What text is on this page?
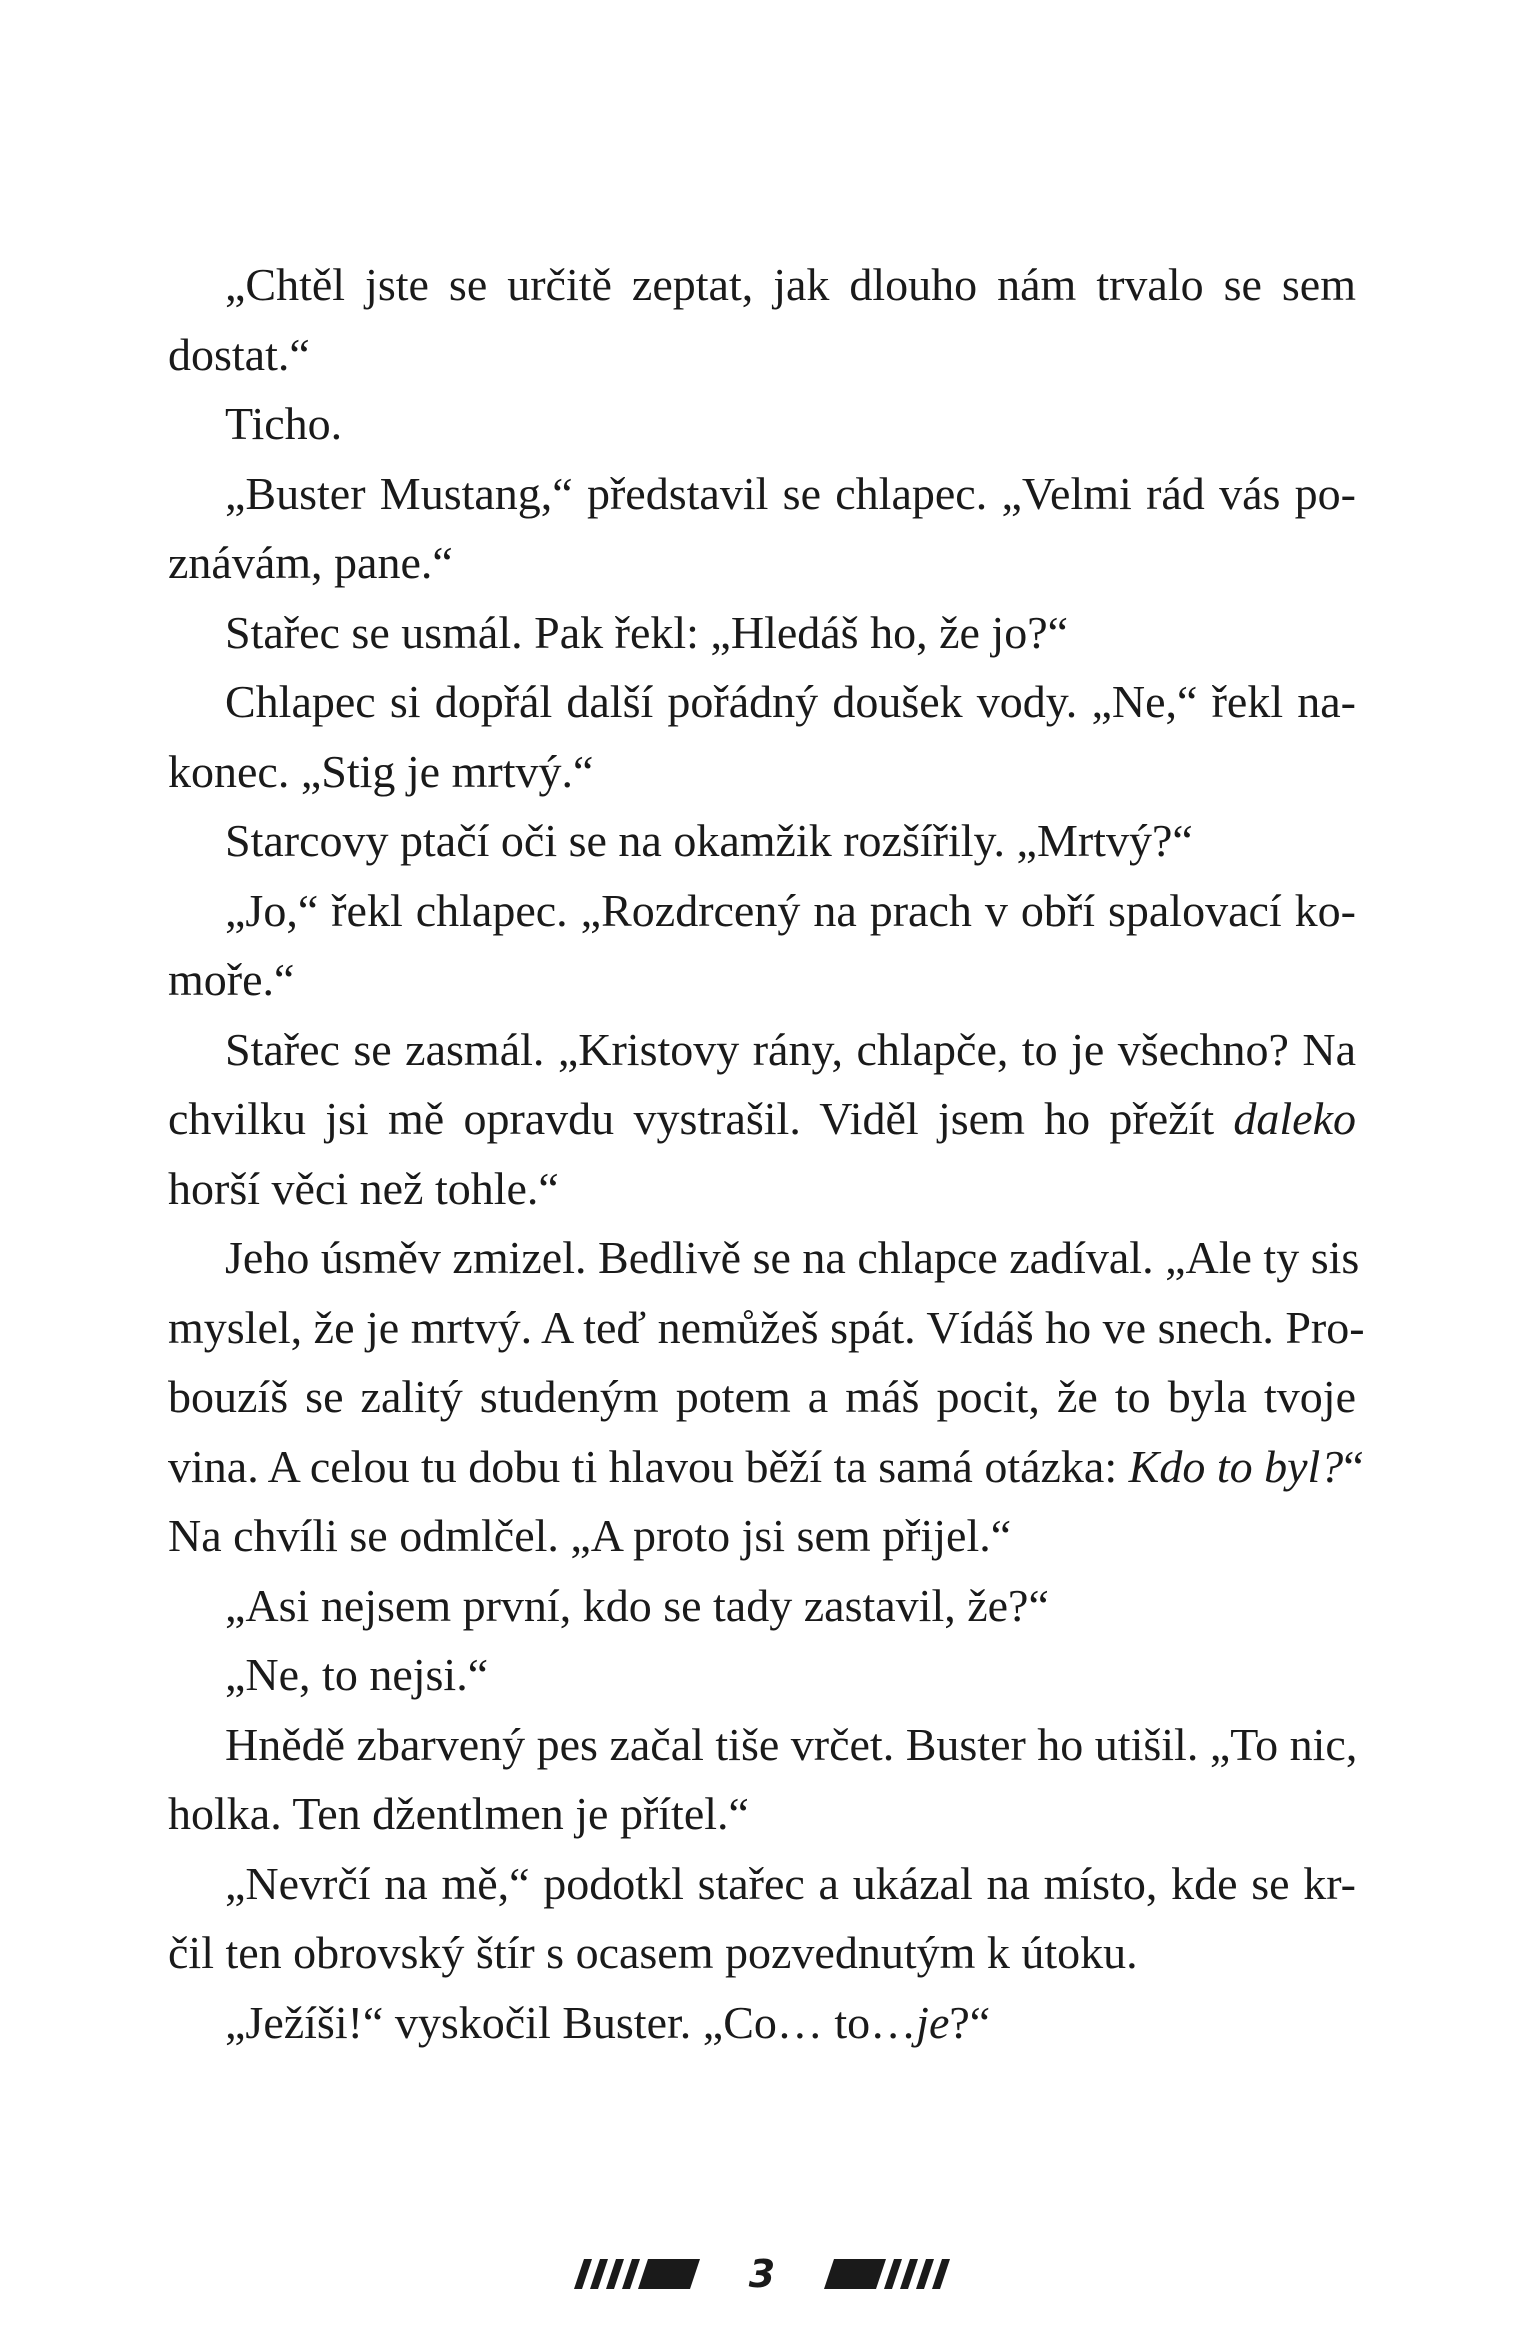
„Chtěl jste se určitě zeptat, jak dlouho nám trvalo se sem
dostat.“
Ticho.
„Buster Mustang,“ představil se chlapec. „Velmi rád vás po-
znávám, pane.“
Stařec se usmál. Pak řekl: „Hledáš ho, že jo?“
Chlapec si dopřál další pořádný doušek vody. „Ne,“ řekl na-
konec. „Stig je mrtvý.“
Starcovy ptačí oči se na okamžik rozšířily. „Mrtvý?“
„Jo,“ řekl chlapec. „Rozdrcený na prach v obří spalovací ko-
moře.“
Stařec se zasmál. „Kristovy rány, chlapče, to je všechno? Na
chvilku jsi mě opravdu vystrašil. Viděl jsem ho přežít daleko
horší věci než tohle.“
Jeho úsměv zmizel. Bedlivě se na chlapce zadíval. „Ale ty sis
myslel, že je mrtvý. A teď nemůžeš spát. Vídáš ho ve snech. Pro-
bouzíš se zalitý studeným potem a máš pocit, že to byla tvoje
vina. A celou tu dobu ti hlavou běží ta samá otázka: Kdo to byl?“
Na chvíli se odmlčel. „A proto jsi sem přijel.“
„Asi nejsem první, kdo se tady zastavil, že?“
„Ne, to nejsi.“
Hnědě zbarvený pes začal tiše vrčet. Buster ho utišil. „To nic,
holka. Ten džentlmen je přítel.“
„Nevrčí na mě,“ podotkl stařec a ukázal na místo, kde se kr-
čil ten obrovský štír s ocasem pozvednutým k útoku.
„Ježíši!“ vyskočil Buster. „Co… to…je?“
3
